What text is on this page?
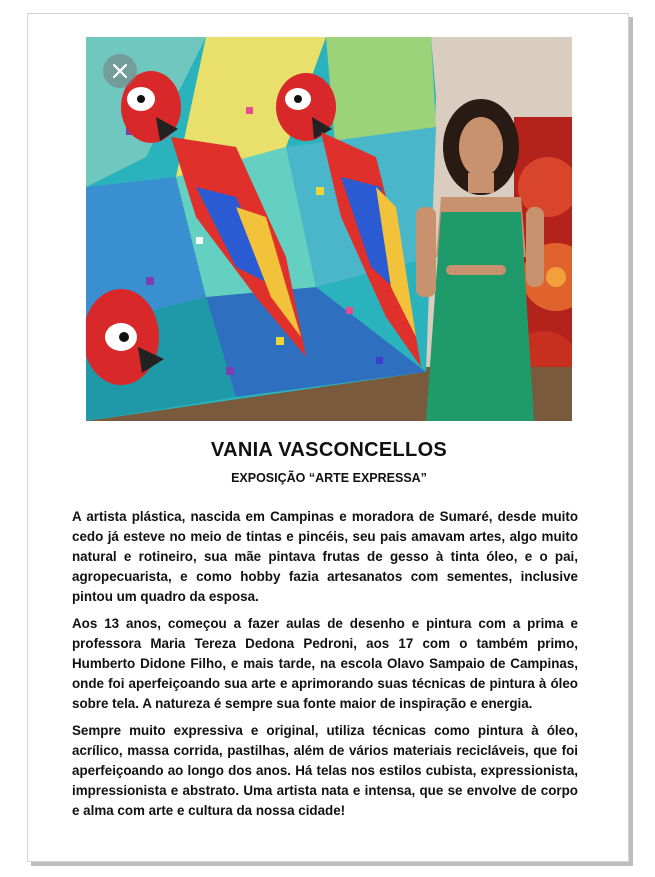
VANIA VASCONCELLOS
EXPOSIÇÃO “ARTE EXPRESSA”

A artista plástica, nascida em Campinas e moradora de Sumaré, desde muito cedo já esteve no meio de tintas e pincéis, seu pais amavam artes, algo muito natural e rotineiro, sua mãe pintava frutas de gesso à tinta óleo, e o pai, agropecuarista, e como hobby fazia artesanatos com sementes, inclusive pintou um quadro da esposa.

Aos 13 anos, começou a fazer aulas de desenho e pintura com a prima e professora Maria Tereza Dedona Pedroni, aos 17 com o também primo, Humberto Didone Filho, e mais tarde, na escola Olavo Sampaio de Campinas, onde foi aperfeiçoando sua arte e aprimorando suas técnicas de pintura à óleo sobre tela. A natureza é sempre sua fonte maior de inspiração e energia.

Sempre muito expressiva e original, utiliza técnicas como pintura à óleo, acrílico, massa corrida, pastilhas, além de vários materiais recicláveis, que foi aperfeiçoando ao longo dos anos. Há telas nos estilos cubista, expressionista, impressionista e abstrato. Uma artista nata e intensa, que se envolve de corpo e alma com arte e cultura da nossa cidade!
